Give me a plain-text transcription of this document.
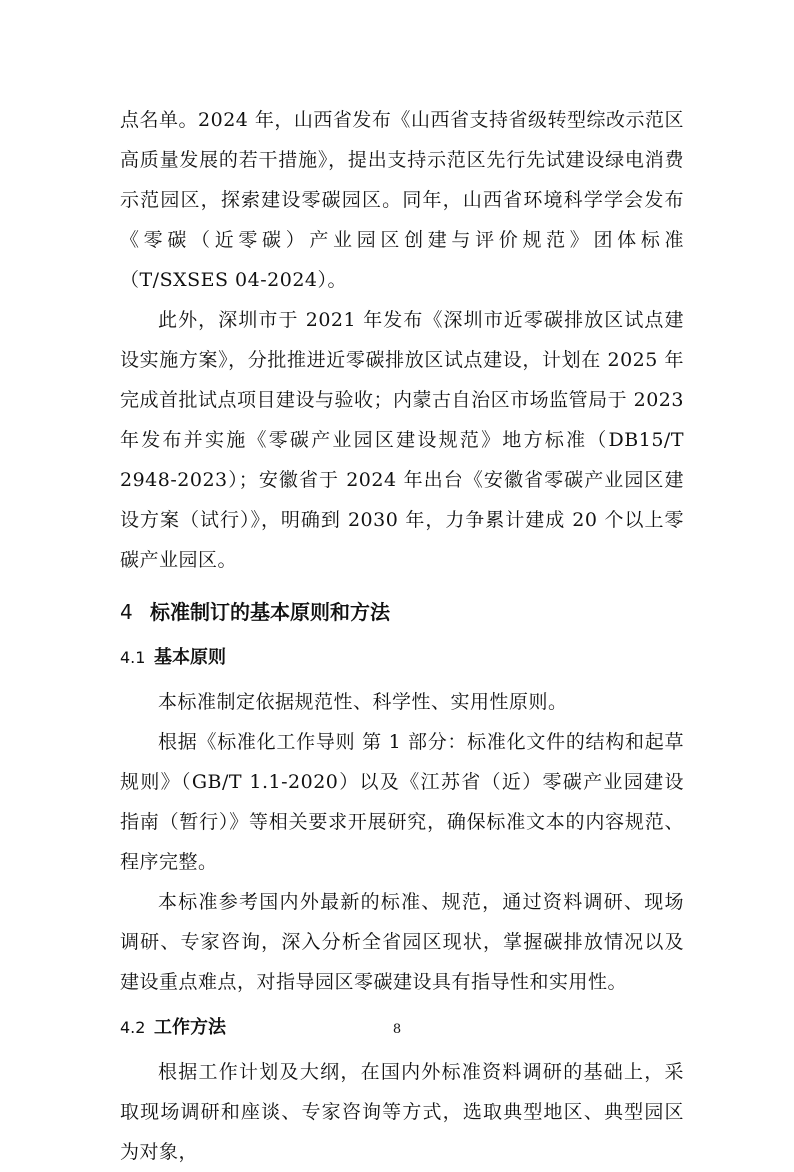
点名单。2024 年，山西省发布《山西省支持省级转型综改示范区高质量发展的若干措施》，提出支持示范区先行先试建设绿电消费示范园区，探索建设零碳园区。同年，山西省环境科学学会发布《零碳（近零碳）产业园区创建与评价规范》团体标准（T/SXSES 04-2024）。

此外，深圳市于 2021 年发布《深圳市近零碳排放区试点建设实施方案》，分批推进近零碳排放区试点建设，计划在 2025 年完成首批试点项目建设与验收；内蒙古自治区市场监管局于 2023 年发布并实施《零碳产业园区建设规范》地方标准（DB15/T 2948-2023）；安徽省于 2024 年出台《安徽省零碳产业园区建设方案（试行）》，明确到 2030 年，力争累计建成 20 个以上零碳产业园区。

4 标准制订的基本原则和方法
4.1 基本原则

本标准制定依据规范性、科学性、实用性原则。

根据《标准化工作导则 第 1 部分：标准化文件的结构和起草规则》（GB/T 1.1-2020）以及《江苏省（近）零碳产业园建设指南（暂行）》等相关要求开展研究，确保标准文本的内容规范、程序完整。

本标准参考国内外最新的标准、规范，通过资料调研、现场调研、专家咨询，深入分析全省园区现状，掌握碳排放情况以及建设重点难点，对指导园区零碳建设具有指导性和实用性。

4.2 工作方法

根据工作计划及大纲，在国内外标准资料调研的基础上，采取现场调研和座谈、专家咨询等方式，选取典型地区、典型园区为对象，

8
